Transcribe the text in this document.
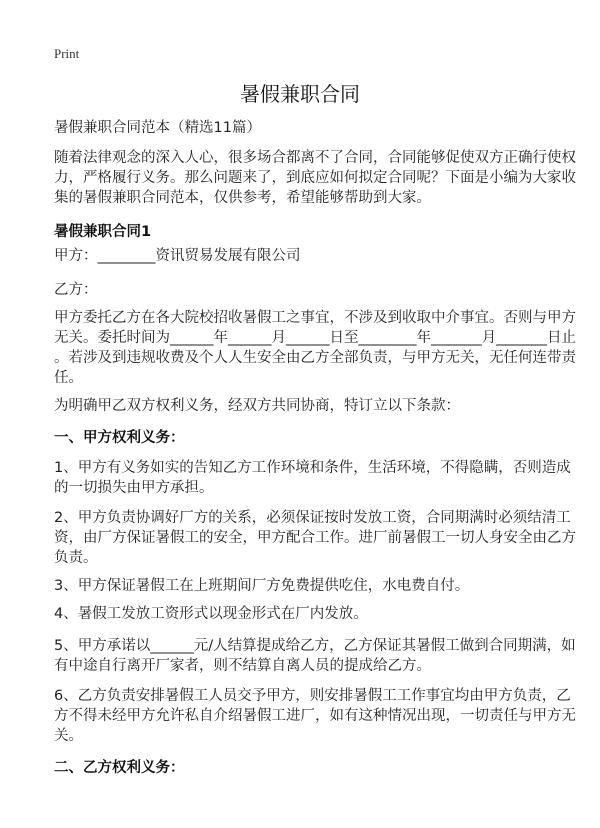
Print
暑假兼职合同
暑假兼职合同范本（精选11篇）
随着法律观念的深入人心，很多场合都离不了合同，合同能够促使双方正确行使权
力，严格履行义务。那么问题来了，到底应如何拟定合同呢？下面是小编为大家收
集的暑假兼职合同范本，仅供参考，希望能够帮助到大家。
暑假兼职合同1
甲方：________资讯贸易发展有限公司
乙方：
甲方委托乙方在各大院校招收暑假工之事宜，不涉及到收取中介事宜。否则与甲方
无关。委托时间为______年______月______日至________年_______月_______日止
。若涉及到违规收费及个人人生安全由乙方全部负责，与甲方无关，无任何连带责
任。
为明确甲乙双方权利义务，经双方共同协商，特订立以下条款：
一、甲方权利义务：
1、甲方有义务如实的告知乙方工作环境和条件，生活环境，不得隐瞒，否则造成
的一切损失由甲方承担。
2、甲方负责协调好厂方的关系，必须保证按时发放工资，合同期满时必须结清工
资，由厂方保证暑假工的安全，甲方配合工作。进厂前暑假工一切人身安全由乙方
负责。
3、甲方保证暑假工在上班期间厂方免费提供吃住，水电费自付。
4、暑假工发放工资形式以现金形式在厂内发放。
5、甲方承诺以______元/人结算提成给乙方，乙方保证其暑假工做到合同期满，如
有中途自行离开厂家者，则不结算自离人员的提成给乙方。
6、乙方负责安排暑假工人员交予甲方，则安排暑假工工作事宜均由甲方负责，乙
方不得未经甲方允许私自介绍暑假工进厂，如有这种情况出现，一切责任与甲方无
关。
二、乙方权利义务：
